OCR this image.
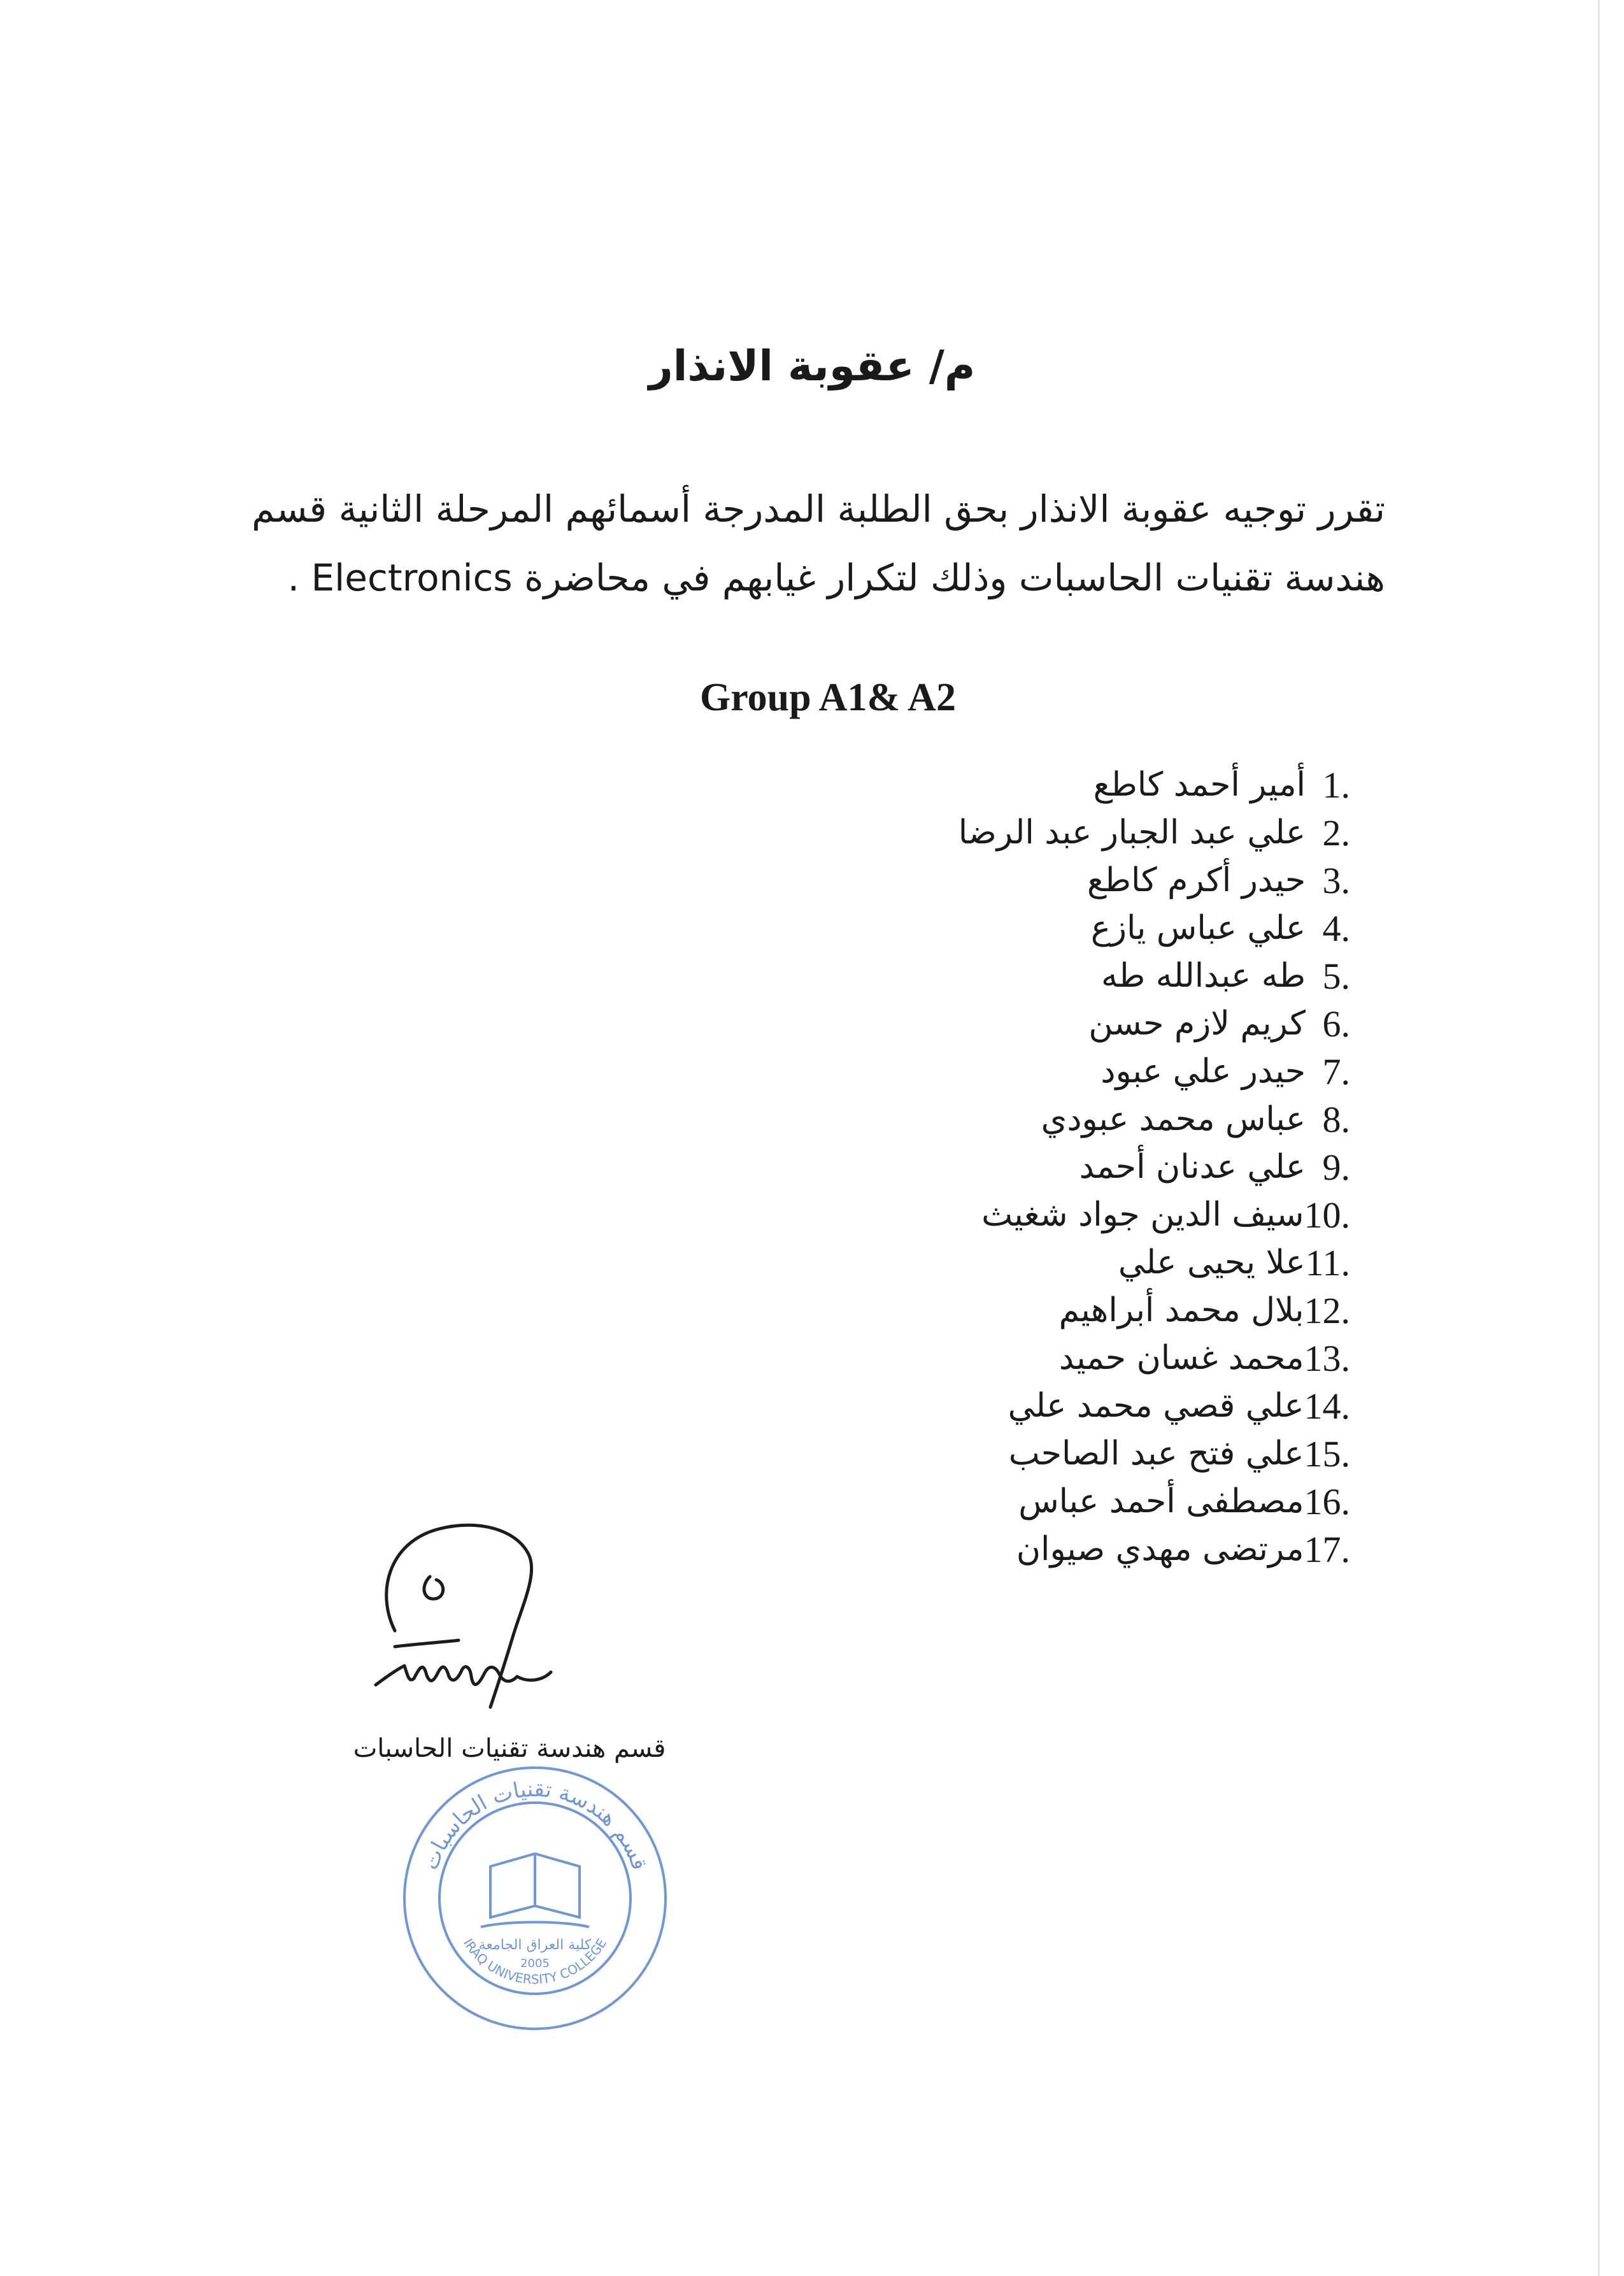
م/ عقوبة الانذار
تقرر توجيه عقوبة الانذار بحق الطلبة المدرجة أسمائهم المرحلة الثانية قسم
هندسة تقنيات الحاسبات وذلك لتكرار غيابهم في محاضرة Electronics .
Group A1& A2
أمير أحمد كاطع 1.
علي عبد الجبار عبد الرضا 2.
حيدر أكرم كاطع 3.
علي عباس يازع 4.
طه عبدالله طه 5.
كريم لازم حسن 6.
حيدر علي عبود 7.
عباس محمد عبودي 8.
علي عدنان أحمد 9.
سيف الدين جواد شغيث 10.
علا يحيى علي 11.
بلال محمد أبراهيم 12.
محمد غسان حميد 13.
علي قصي محمد علي 14.
علي فتح عبد الصاحب 15.
مصطفى أحمد عباس 16.
مرتضى مهدي صيوان 17.
قسم هندسة تقنيات الحاسبات
قسم هندسة تقنيات الحاسبات
كلية العراق الجامعة
2005
IRAQ UNIVERSITY COLLEGE
